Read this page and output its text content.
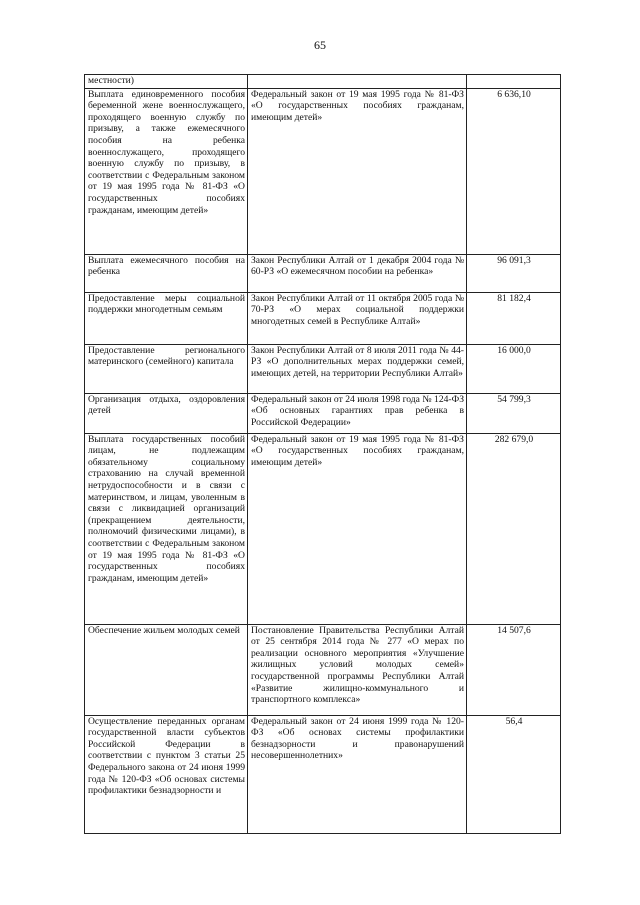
65
местности)		
Выплата единовременного пособия беременной жене военнослужащего, проходящего военную службу по призыву, а также ежемесячного пособия на ребенка военнослужащего, проходящего военную службу по призыву, в соответствии с Федеральным законом от 19 мая 1995 года № 81-ФЗ «О государственных пособиях гражданам, имеющим детей»	Федеральный закон от 19 мая 1995 года № 81-ФЗ «О государственных пособиях гражданам, имеющим детей»	6 636,10
Выплата ежемесячного пособия на ребенка	Закон Республики Алтай от 1 декабря 2004 года № 60-РЗ «О ежемесячном пособии на ребенка»	96 091,3
Предоставление меры социальной поддержки многодетным семьям	Закон Республики Алтай от 11 октября 2005 года № 70-РЗ «О мерах социальной поддержки многодетных семей в Республике Алтай»	81 182,4
Предоставление регионального материнского (семейного) капитала	Закон Республики Алтай от 8 июля 2011 года № 44-РЗ «О дополнительных мерах поддержки семей, имеющих детей, на территории Республики Алтай»	16 000,0
Организация отдыха, оздоровления детей	Федеральный закон от 24 июля 1998 года № 124-ФЗ «Об основных гарантиях прав ребенка в Российской Федерации»	54 799,3
Выплата государственных пособий лицам, не подлежащим обязательному социальному страхованию на случай временной нетрудоспособности и в связи с материнством, и лицам, уволенным в связи с ликвидацией организаций (прекращением деятельности, полномочий физическими лицами), в соответствии с Федеральным законом от 19 мая 1995 года № 81-ФЗ «О государственных пособиях гражданам, имеющим детей»	Федеральный закон от 19 мая 1995 года № 81-ФЗ «О государственных пособиях гражданам, имеющим детей»	282 679,0
Обеспечение жильем молодых семей	Постановление Правительства Республики Алтай от 25 сентября 2014 года № 277 «О мерах по реализации основного мероприятия «Улучшение жилищных условий молодых семей» государственной программы Республики Алтай «Развитие жилищно-коммунального и транспортного комплекса»	14 507,6
Осуществление переданных органам государственной власти субъектов Российской Федерации в соответствии с пунктом 3 статьи 25 Федерального закона от 24 июня 1999 года № 120-ФЗ «Об основах системы профилактики безнадзорности и	Федеральный закон от 24 июня 1999 года № 120-ФЗ «Об основах системы профилактики безнадзорности и правонарушений несовершеннолетних»	56,4
